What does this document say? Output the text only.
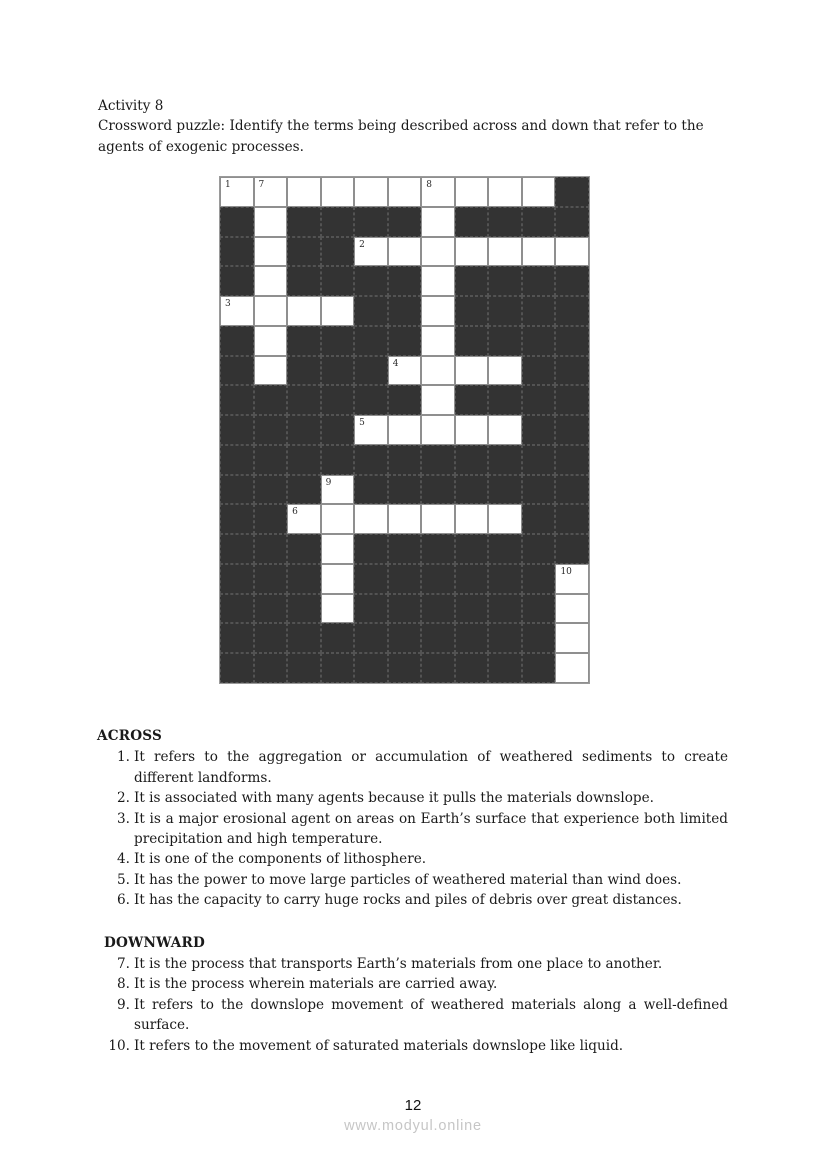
Activity 8
Crossword puzzle: Identify the terms being described across and down that refer to the agents of exogenic processes.
1	7	8
2
3
4
5
9
6
10
ACROSS
1. It refers to the aggregation or accumulation of weathered sediments to create different landforms.
2. It is associated with many agents because it pulls the materials downslope.
3. It is a major erosional agent on areas on Earth’s surface that experience both limited precipitation and high temperature.
4. It is one of the components of lithosphere.
5. It has the power to move large particles of weathered material than wind does.
6. It has the capacity to carry huge rocks and piles of debris over great distances.
DOWNWARD
7. It is the process that transports Earth’s materials from one place to another.
8. It is the process wherein materials are carried away.
9. It refers to the downslope movement of weathered materials along a well-defined surface.
10. It refers to the movement of saturated materials downslope like liquid.
12
www.modyul.online
